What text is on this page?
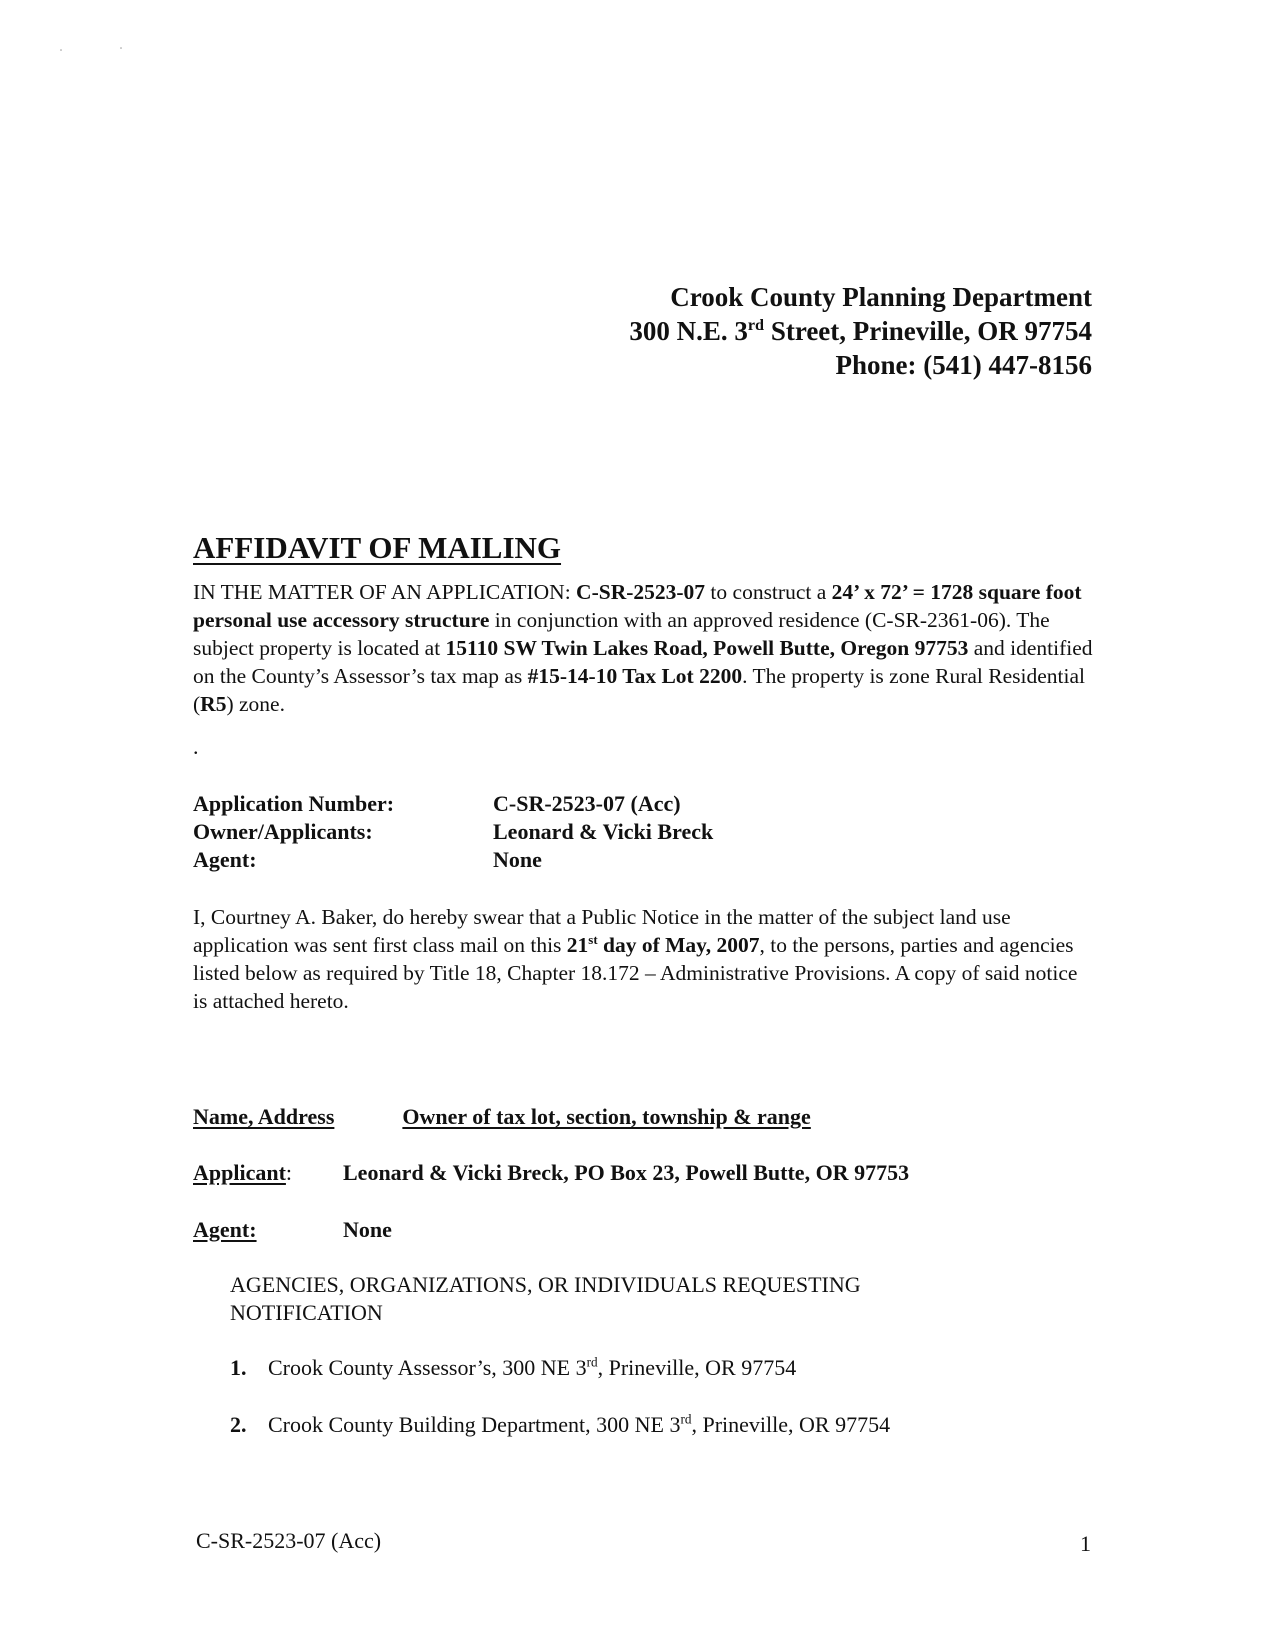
Crook County Planning Department
300 N.E. 3rd Street, Prineville, OR 97754
Phone: (541) 447-8156
AFFIDAVIT OF MAILING
IN THE MATTER OF AN APPLICATION: C-SR-2523-07 to construct a 24’ x 72’ = 1728 square foot personal use accessory structure in conjunction with an approved residence (C-SR-2361-06). The subject property is located at 15110 SW Twin Lakes Road, Powell Butte, Oregon 97753 and identified on the County’s Assessor’s tax map as #15-14-10 Tax Lot 2200. The property is zone Rural Residential (R5) zone.
.
Application Number:	C-SR-2523-07 (Acc)
Owner/Applicants:	Leonard & Vicki Breck
Agent:	None
I, Courtney A. Baker, do hereby swear that a Public Notice in the matter of the subject land use application was sent first class mail on this 21st day of May, 2007, to the persons, parties and agencies listed below as required by Title 18, Chapter 18.172 – Administrative Provisions. A copy of said notice is attached hereto.
Name, Address	Owner of tax lot, section, township & range
Applicant: Leonard & Vicki Breck, PO Box 23, Powell Butte, OR 97753
Agent:	None
AGENCIES, ORGANIZATIONS, OR INDIVIDUALS REQUESTING NOTIFICATION
1. Crook County Assessor’s, 300 NE 3rd, Prineville, OR 97754
2. Crook County Building Department, 300 NE 3rd, Prineville, OR 97754
C-SR-2523-07 (Acc)	1
